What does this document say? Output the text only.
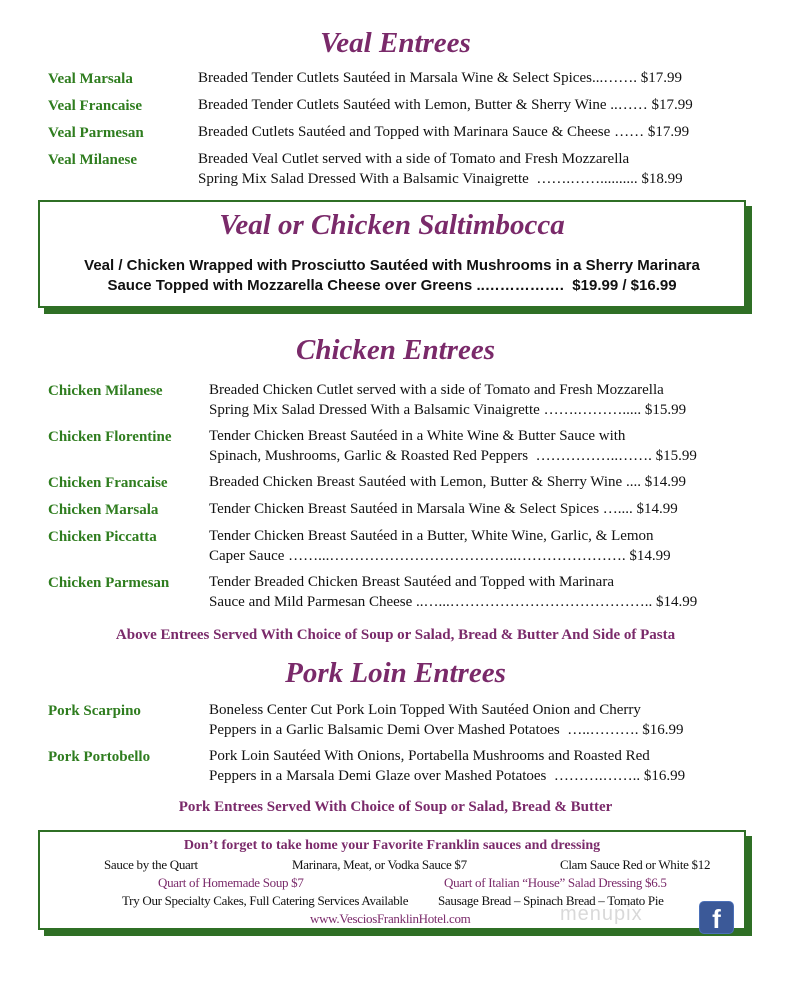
Veal Entrees
Veal Marsala	Breaded Tender Cutlets Sautéed in Marsala Wine & Select Spices...……. $17.99
Veal Francaise	Breaded Tender Cutlets Sautéed with Lemon, Butter & Sherry Wine ..…… $17.99
Veal Parmesan	Breaded Cutlets Sautéed and Topped with Marinara Sauce & Cheese …… $17.99
Veal Milanese	Breaded Veal Cutlet served with a side of Tomato and Fresh Mozzarella
Spring Mix Salad Dressed With a Balsamic Vinaigrette …….…….......... $18.99
Veal or Chicken Saltimbocca
Veal / Chicken Wrapped with Prosciutto Sautéed with Mushrooms in a Sherry Marinara
Sauce Topped with Mozzarella Cheese over Greens ..……………. $19.99 / $16.99
Chicken Entrees
Chicken Milanese	Breaded Chicken Cutlet served with a side of Tomato and Fresh Mozzarella
Spring Mix Salad Dressed With a Balsamic Vinaigrette …….………..... $15.99
Chicken Florentine	Tender Chicken Breast Sautéed in a White Wine & Butter Sauce with
Spinach, Mushrooms, Garlic & Roasted Red Peppers ……………..……. $15.99
Chicken Francaise	Breaded Chicken Breast Sautéed with Lemon, Butter & Sherry Wine .... $14.99
Chicken Marsala	Tender Chicken Breast Sautéed in Marsala Wine & Select Spices ….... $14.99
Chicken Piccatta	Tender Chicken Breast Sautéed in a Butter, White Wine, Garlic, & Lemon
Caper Sauce ……...………………………………..…………………. $14.99
Chicken Parmesan	Tender Breaded Chicken Breast Sautéed and Topped with Marinara
Sauce and Mild Parmesan Cheese ..…...………………………………….. $14.99
Above Entrees Served With Choice of Soup or Salad, Bread & Butter And Side of Pasta
Pork Loin Entrees
Pork Scarpino	Boneless Center Cut Pork Loin Topped With Sautéed Onion and Cherry
Peppers in a Garlic Balsamic Demi Over Mashed Potatoes …..………. $16.99
Pork Portobello	Pork Loin Sautéed With Onions, Portabella Mushrooms and Roasted Red
Peppers in a Marsala Demi Glaze over Mashed Potatoes ……….…….. $16.99
Pork Entrees Served With Choice of Soup or Salad, Bread & Butter
Don’t forget to take home your Favorite Franklin sauces and dressing
Sauce by the Quart	Marinara, Meat, or Vodka Sauce $7	Clam Sauce Red or White $12
Quart of Homemade Soup $7	Quart of Italian “House” Salad Dressing $6.5
Try Our Specialty Cakes, Full Catering Services Available Sausage Bread – Spinach Bread – Tomato Pie
www.VesciosFranklinHotel.com	menupix	f
